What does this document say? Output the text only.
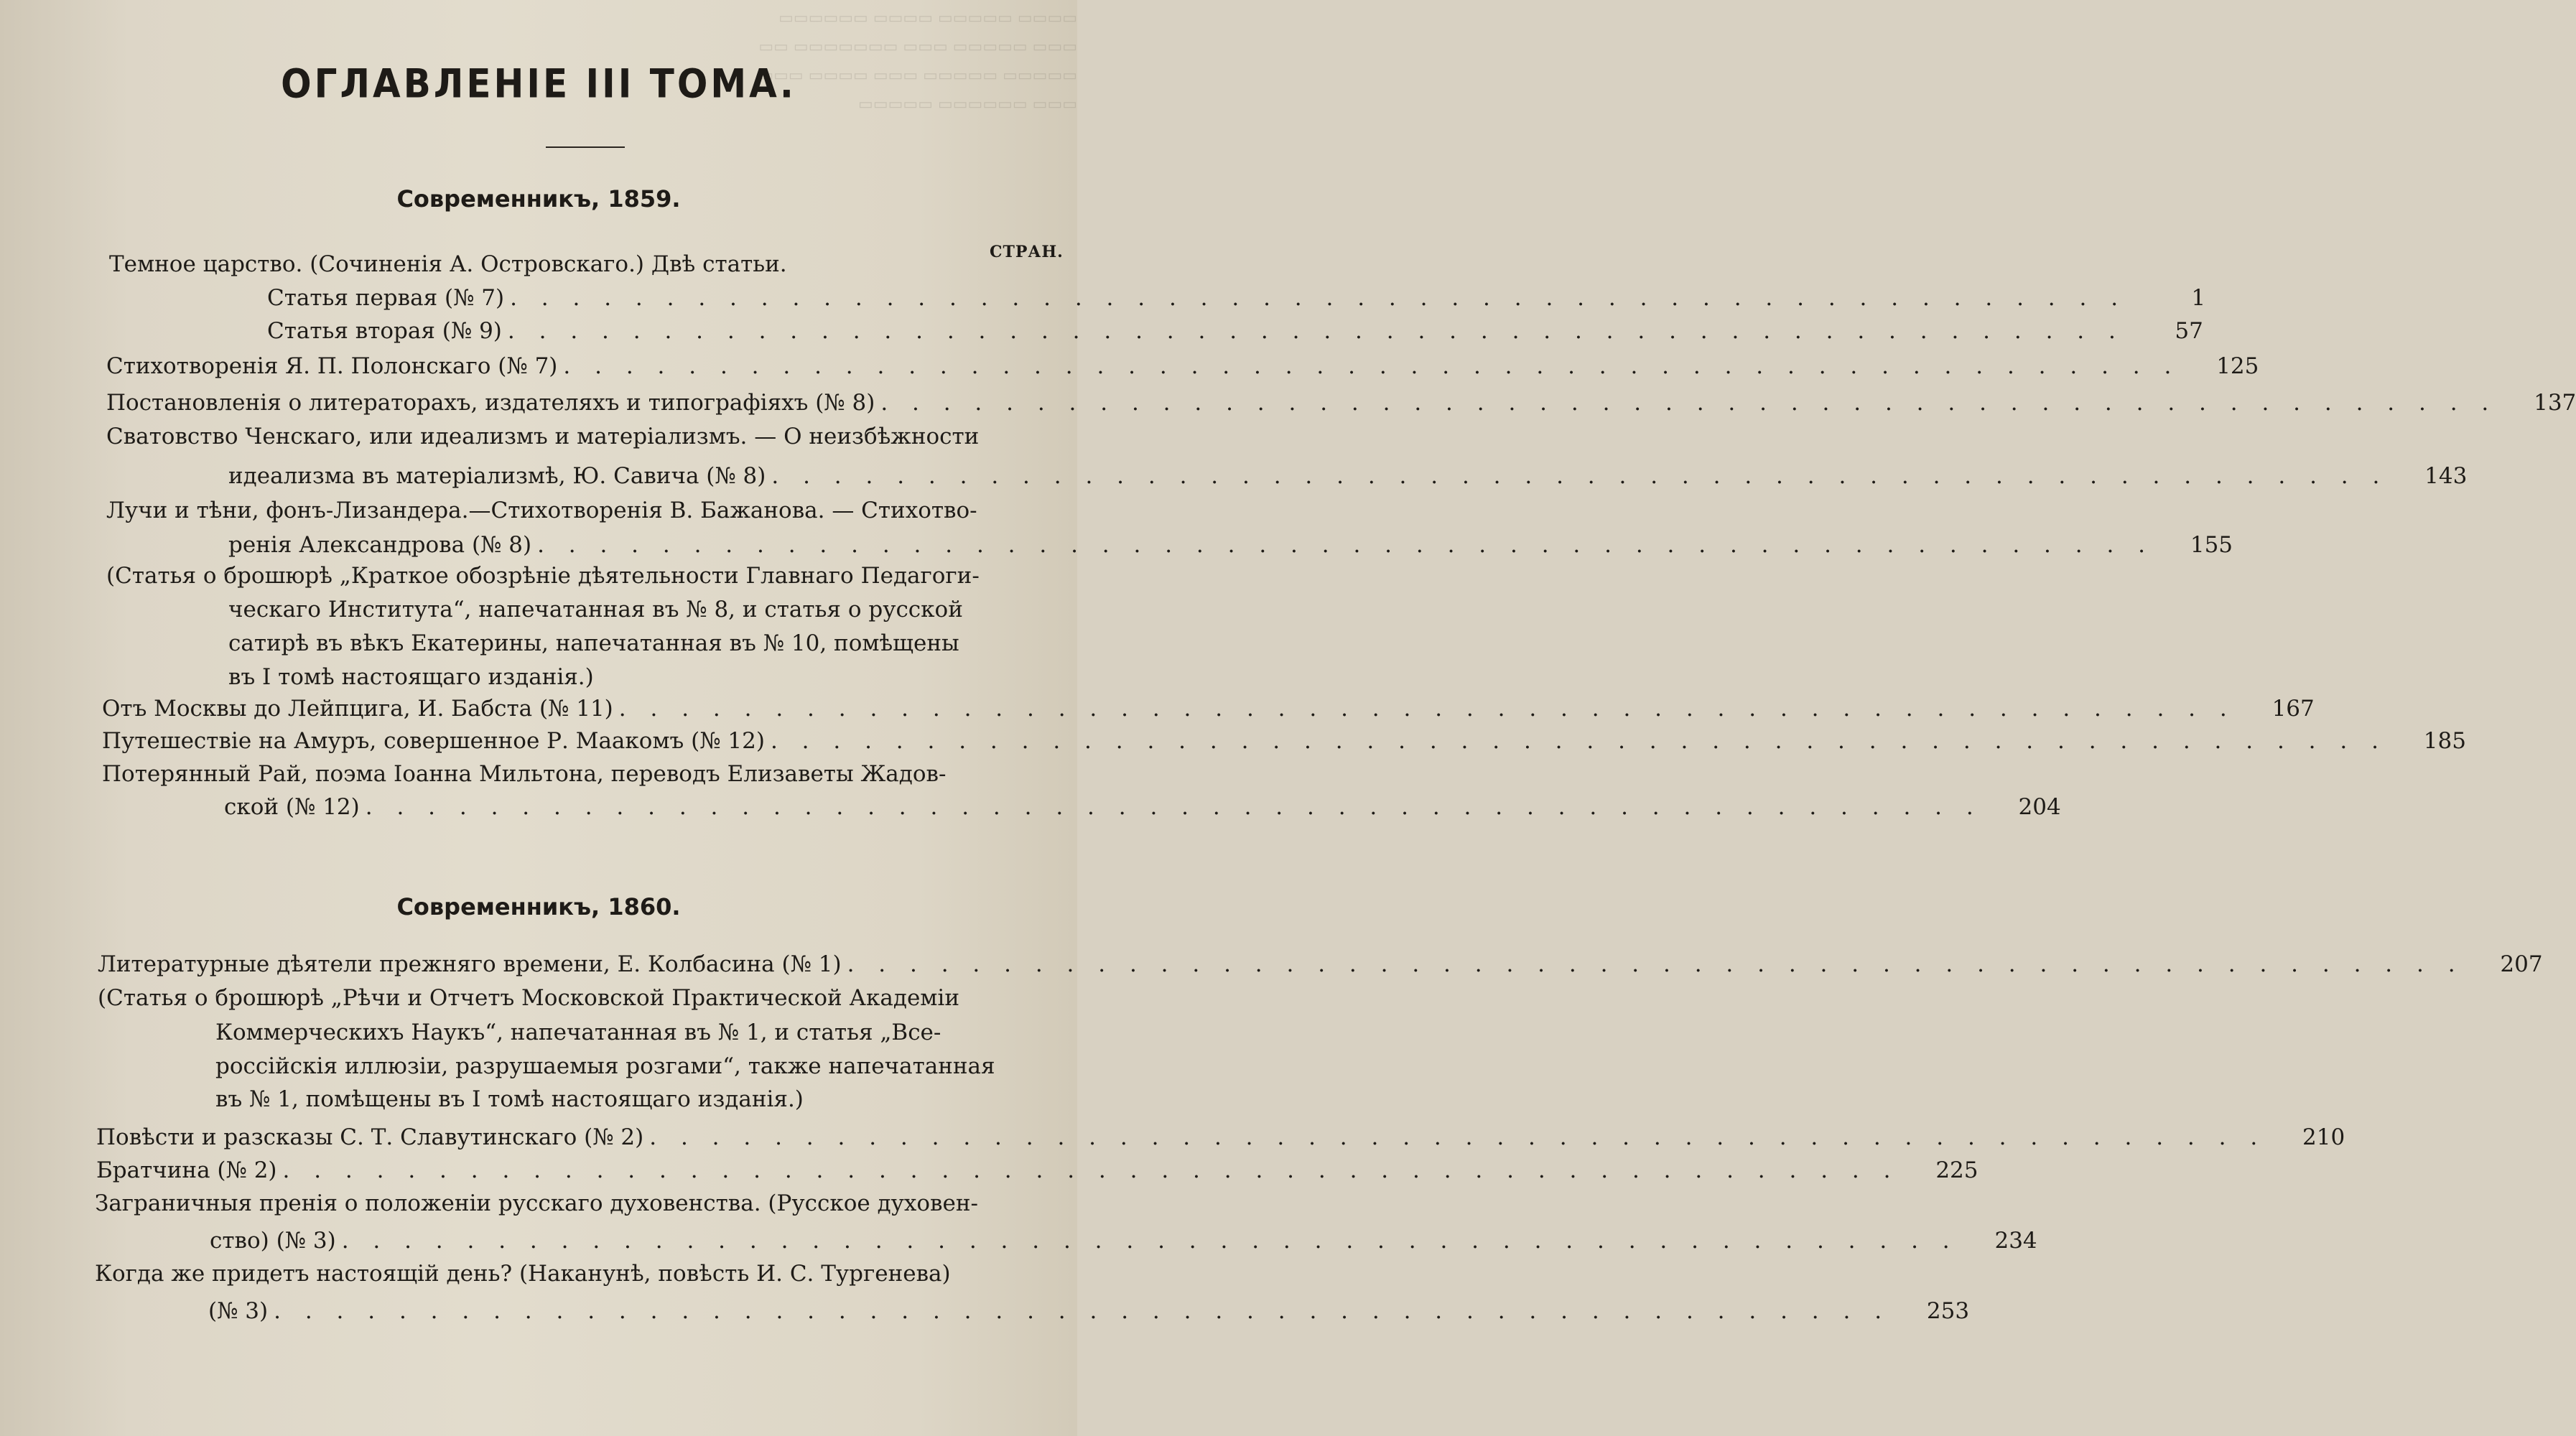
▭▭▭▭ ▭▭▭▭▭ ▭▭▭▭ ▭▭▭▭▭▭
▭▭▭ ▭▭▭▭▭ ▭▭▭ ▭▭▭▭▭▭▭ ▭▭
▭▭▭▭▭ ▭▭▭▭▭ ▭▭▭ ▭▭▭▭ ▭▭▭
▭▭▭ ▭▭▭▭▭▭ ▭▭▭▭▭
ОГЛАВЛЕНІЕ III ТОМА.
Современникъ, 1859.
СТРАН.
Темное царство. (Сочиненія А. Островскаго.) Двѣ статьи.
Статья первая (№ 7) . . . . . . . . . . . . . . . . . . . . . . . . . . . . . . . . . . . . . . . . . . . . . . . . . . . .	1
Статья вторая (№ 9) . . . . . . . . . . . . . . . . . . . . . . . . . . . . . . . . . . . . . . . . . . . . . . . . . . . .	57
Стихотворенія Я. П. Полонскаго (№ 7) . . . . . . . . . . . . . . . . . . . . . . . . . . . . . . . . . . . . . . . . . . . . . . . . . . . .	125
Постановленія о литераторахъ, издателяхъ и типографіяхъ (№ 8) . . . . . . . . . . . . . . . . . . . . . . . . . . . . . . . . . . . . . . . . . . . . . . . . . . . .	137
Сватовство Ченскаго, или идеализмъ и матеріализмъ. — О неизбѣжности
идеализма въ матеріализмѣ, Ю. Савича (№ 8) . . . . . . . . . . . . . . . . . . . . . . . . . . . . . . . . . . . . . . . . . . . . . . . . . . . .	143
Лучи и тѣни, фонъ-Лизандера.—Стихотворенія В. Бажанова. — Стихотво-
ренія Александрова (№ 8) . . . . . . . . . . . . . . . . . . . . . . . . . . . . . . . . . . . . . . . . . . . . . . . . . . . .	155
(Статья о брошюрѣ „Краткое обозрѣніе дѣятельности Главнаго Педагоги-
ческаго Института“, напечатанная въ № 8, и статья о русской
сатирѣ въ вѣкъ Екатерины, напечатанная въ № 10, помѣщены
въ I томѣ настоящаго изданія.)
Отъ Москвы до Лейпцига, И. Бабста (№ 11) . . . . . . . . . . . . . . . . . . . . . . . . . . . . . . . . . . . . . . . . . . . . . . . . . . . .	167
Путешествіе на Амуръ, совершенное Р. Маакомъ (№ 12) . . . . . . . . . . . . . . . . . . . . . . . . . . . . . . . . . . . . . . . . . . . . . . . . . . . .	185
Потерянный Рай, поэма Іоанна Мильтона, переводъ Елизаветы Жадов-
ской (№ 12) . . . . . . . . . . . . . . . . . . . . . . . . . . . . . . . . . . . . . . . . . . . . . . . . . . . .	204
Современникъ, 1860.
Литературные дѣятели прежняго времени, Е. Колбасина (№ 1) . . . . . . . . . . . . . . . . . . . . . . . . . . . . . . . . . . . . . . . . . . . . . . . . . . . .	207
(Статья о брошюрѣ „Рѣчи и Отчетъ Московской Практической Академіи
Коммерческихъ Наукъ“, напечатанная въ № 1, и статья „Все-
россійскія иллюзіи, разрушаемыя розгами“, также напечатанная
въ № 1, помѣщены въ I томѣ настоящаго изданія.)
Повѣсти и разсказы С. Т. Славутинскаго (№ 2) . . . . . . . . . . . . . . . . . . . . . . . . . . . . . . . . . . . . . . . . . . . . . . . . . . . .	210
Братчина (№ 2) . . . . . . . . . . . . . . . . . . . . . . . . . . . . . . . . . . . . . . . . . . . . . . . . . . . .	225
Заграничныя пренія о положеніи русскаго духовенства. (Русское духовен-
ство) (№ 3) . . . . . . . . . . . . . . . . . . . . . . . . . . . . . . . . . . . . . . . . . . . . . . . . . . . .	234
Когда же придетъ настоящій день? (Наканунѣ, повѣсть И. С. Тургенева)
(№ 3) . . . . . . . . . . . . . . . . . . . . . . . . . . . . . . . . . . . . . . . . . . . . . . . . . . . .	253
